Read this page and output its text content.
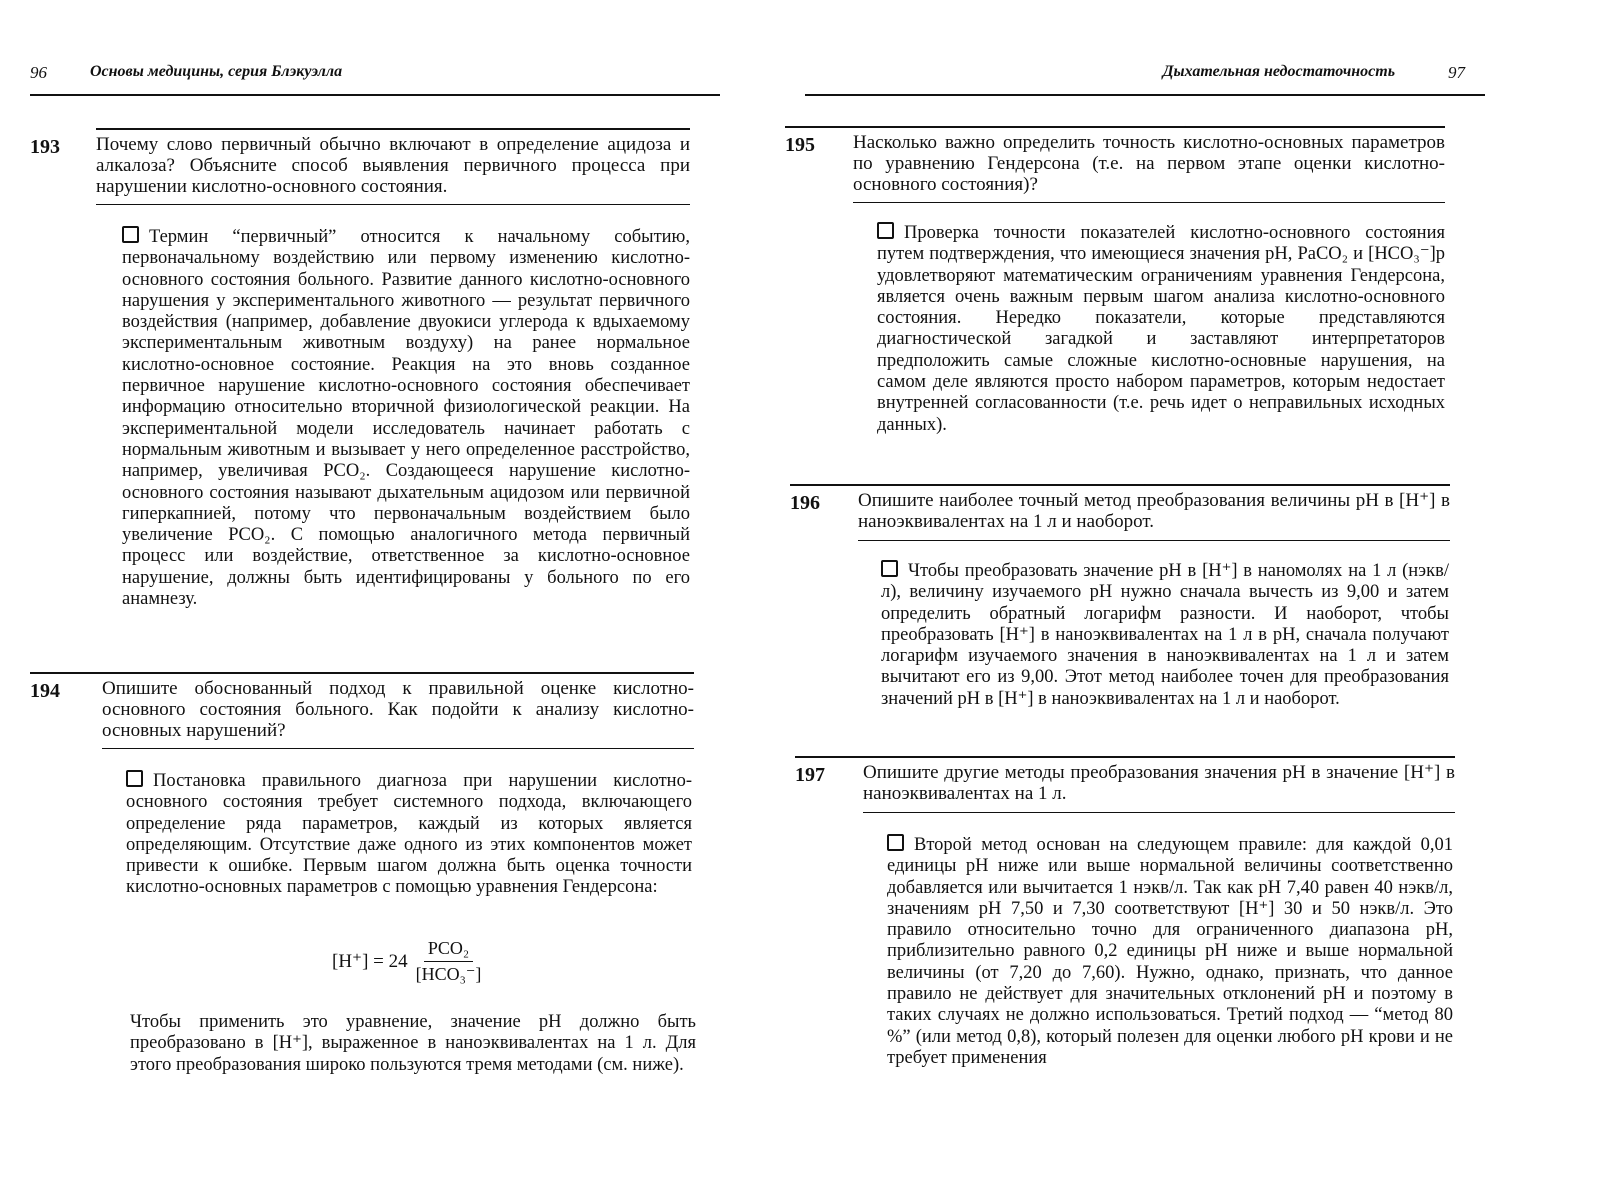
96	Основы медицины, серия Блэкуэлла
193 Почему слово первичный обычно включают в определение ацидоза и алкалоза? Объясните способ выявления первичного процесса при нарушении кислотно-основного состояния.
Термин “первичный” относится к начальному событию, первоначальному воздействию или первому изменению кислотно-основного состояния больного. Развитие данного кислотно-основного нарушения у экспериментального животного — результат первичного воздействия (например, добавление двуокиси углерода к вдыхаемому экспериментальным животным воздуху) на ранее нормальное кислотно-основное состояние. Реакция на это вновь созданное первичное нарушение кислотно-основного состояния обеспечивает информацию относительно вторичной физиологической реакции. На экспериментальной модели исследователь начинает работать с нормальным животным и вызывает у него определенное расстройство, например, увеличивая PCO₂. Создающееся нарушение кислотно-основного состояния называют дыхательным ацидозом или первичной гиперкапнией, потому что первоначальным воздействием было увеличение PCO₂. С помощью аналогичного метода первичный процесс или воздействие, ответственное за кислотно-основное нарушение, должны быть идентифицированы у больного по его анамнезу.
194 Опишите обоснованный подход к правильной оценке кислотно-основного состояния больного. Как подойти к анализу кислотно-основных нарушений?
Постановка правильного диагноза при нарушении кислотно-основного состояния требует системного подхода, включающего определение ряда параметров, каждый из которых является определяющим. Отсутствие даже одного из этих компонентов может привести к ошибке. Первым шагом должна быть оценка точности кислотно-основных параметров с помощью уравнения Гендерсона:
$[H^+] = 24 \frac{\text{PCO₂}}{\text{[HCO₃⁻]}}$
Чтобы применить это уравнение, значение pH должно быть преобразовано в [H⁺], выраженное в наноэквивалентах на 1 л. Для этого преобразования широко пользуются тремя методами (см. ниже).
Дыхательная недостаточность	97
195 Насколько важно определить точность кислотно-основных параметров по уравнению Гендерсона (т.е. на первом этапе оценки кислотно-основного состояния)?
Проверка точности показателей кислотно-основного состояния путем подтверждения, что имеющиеся значения pH, PaCO₂ и [HCO₃⁻]p удовлетворяют математическим ограничениям уравнения Гендерсона, является очень важным первым шагом анализа кислотно-основного состояния. Нередко показатели, которые представляются диагностической загадкой и заставляют интерпретаторов предположить самые сложные кислотно-основные нарушения, на самом деле являются просто набором параметров, которым недостает внутренней согласованности (т.е. речь идет о неправильных исходных данных).
196 Опишите наиболее точный метод преобразования величины pH в [H⁺] в наноэквивалентах на 1 л и наоборот.
Чтобы преобразовать значение pH в [H⁺] в наномолях на 1 л (нэкв/л), величину изучаемого pH нужно сначала вычесть из 9,00 и затем определить обратный логарифм разности. И наоборот, чтобы преобразовать [H⁺] в наноэквивалентах на 1 л в pH, сначала получают логарифм изучаемого значения в наноэквивалентах на 1 л и затем вычитают его из 9,00. Этот метод наиболее точен для преобразования значений pH в [H⁺] в наноэквивалентах на 1 л и наоборот.
197 Опишите другие методы преобразования значения pH в значение [H⁺] в наноэквивалентах на 1 л.
Второй метод основан на следующем правиле: для каждой 0,01 единицы pH ниже или выше нормальной величины соответственно добавляется или вычитается 1 нэкв/л. Так как pH 7,40 равен 40 нэкв/л, значениям pH 7,50 и 7,30 соответствуют [H⁺] 30 и 50 нэкв/л. Это правило относительно точно для ограниченного диапазона pH, приблизительно равного 0,2 единицы pH ниже и выше нормальной величины (от 7,20 до 7,60). Нужно, однако, признать, что данное правило не действует для значительных отклонений pH и поэтому в таких случаях не должно использоваться. Третий подход — “метод 80 %” (или метод 0,8), который полезен для оценки любого pH крови и не требует применения
